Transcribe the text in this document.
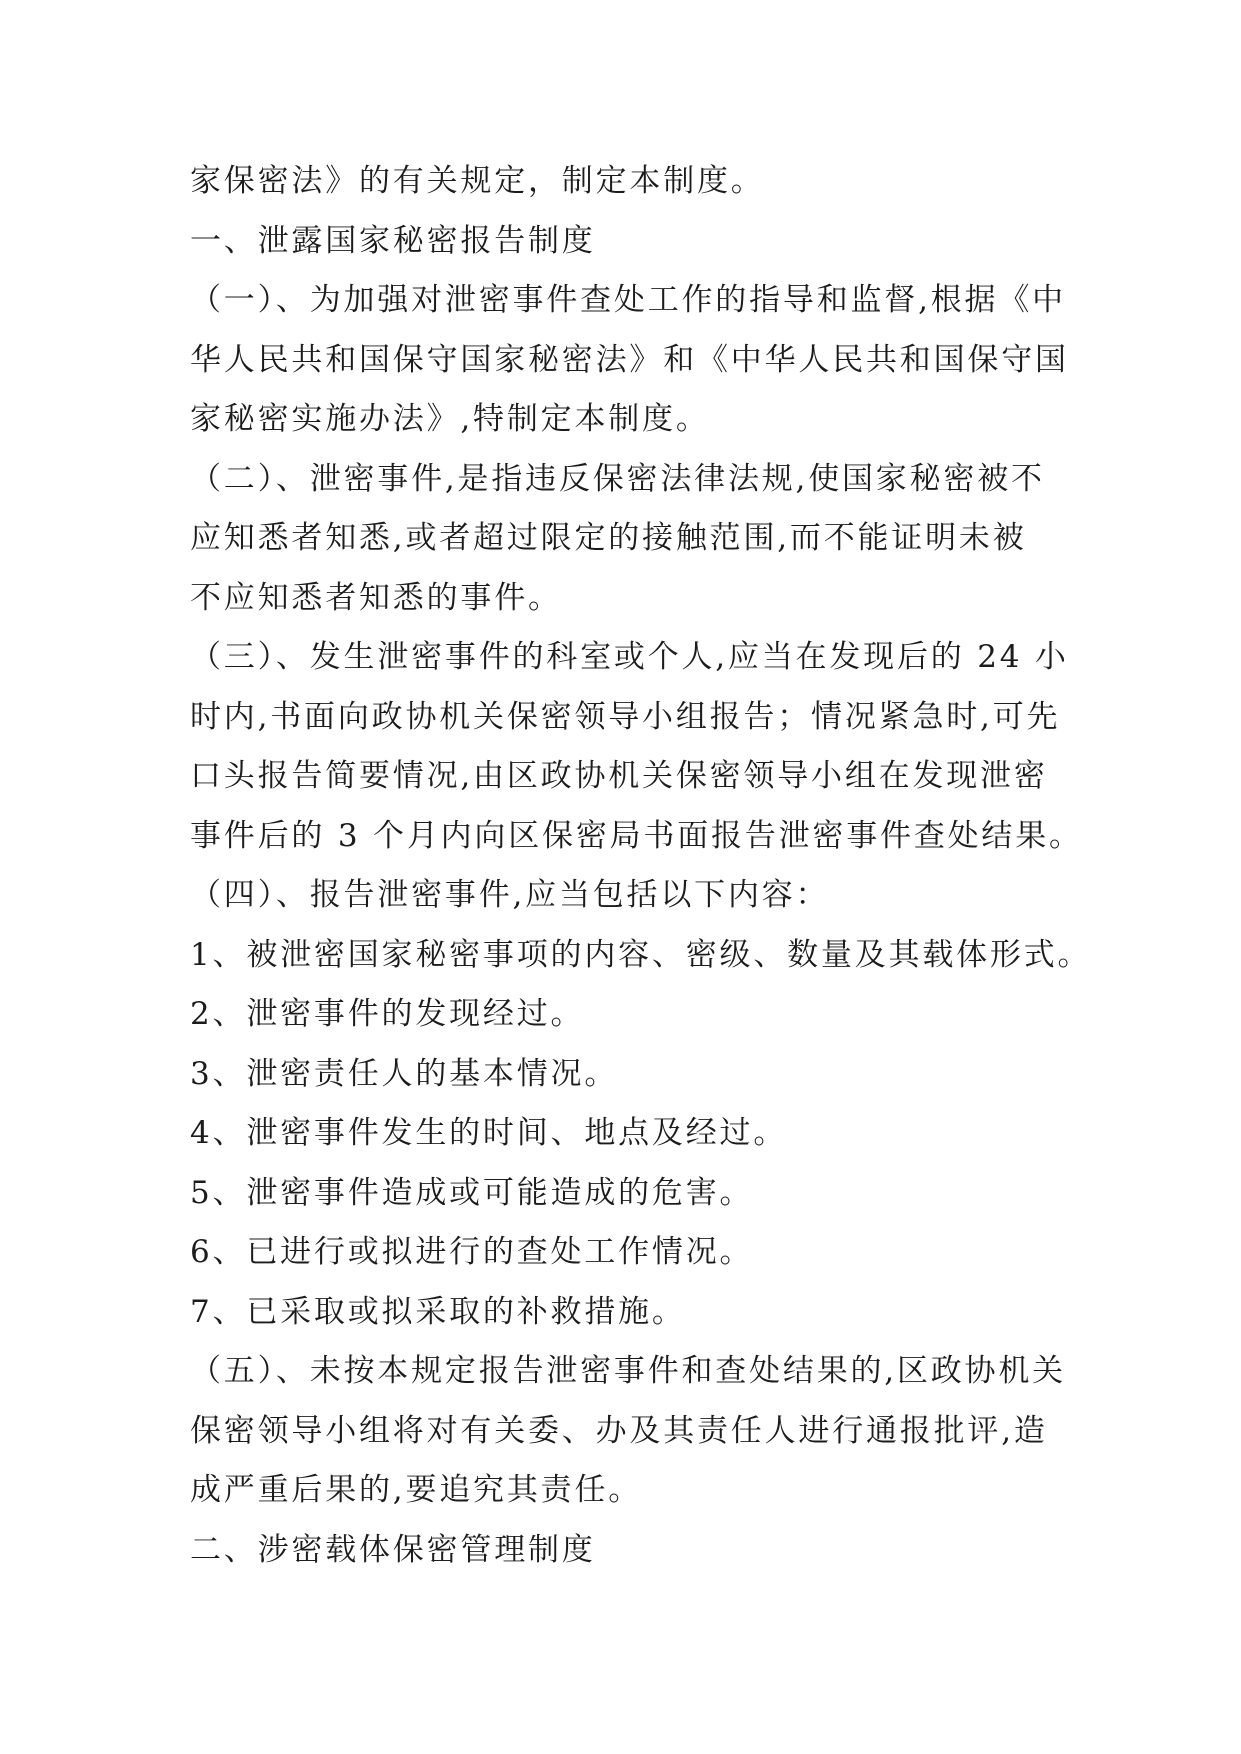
家保密法》的有关规定，制定本制度。
一、泄露国家秘密报告制度
（一）、为加强对泄密事件查处工作的指导和监督,根据《中
华人民共和国保守国家秘密法》和《中华人民共和国保守国
家秘密实施办法》,特制定本制度。
（二）、泄密事件,是指违反保密法律法规,使国家秘密被不
应知悉者知悉,或者超过限定的接触范围,而不能证明未被
不应知悉者知悉的事件。
（三）、发生泄密事件的科室或个人,应当在发现后的 24 小
时内,书面向政协机关保密领导小组报告；情况紧急时,可先
口头报告简要情况,由区政协机关保密领导小组在发现泄密
事件后的 3 个月内向区保密局书面报告泄密事件查处结果。
（四）、报告泄密事件,应当包括以下内容：
1、被泄密国家秘密事项的内容、密级、数量及其载体形式。
2、泄密事件的发现经过。
3、泄密责任人的基本情况。
4、泄密事件发生的时间、地点及经过。
5、泄密事件造成或可能造成的危害。
6、已进行或拟进行的查处工作情况。
7、已采取或拟采取的补救措施。
（五）、未按本规定报告泄密事件和查处结果的,区政协机关
保密领导小组将对有关委、办及其责任人进行通报批评,造
成严重后果的,要追究其责任。
二、涉密载体保密管理制度
